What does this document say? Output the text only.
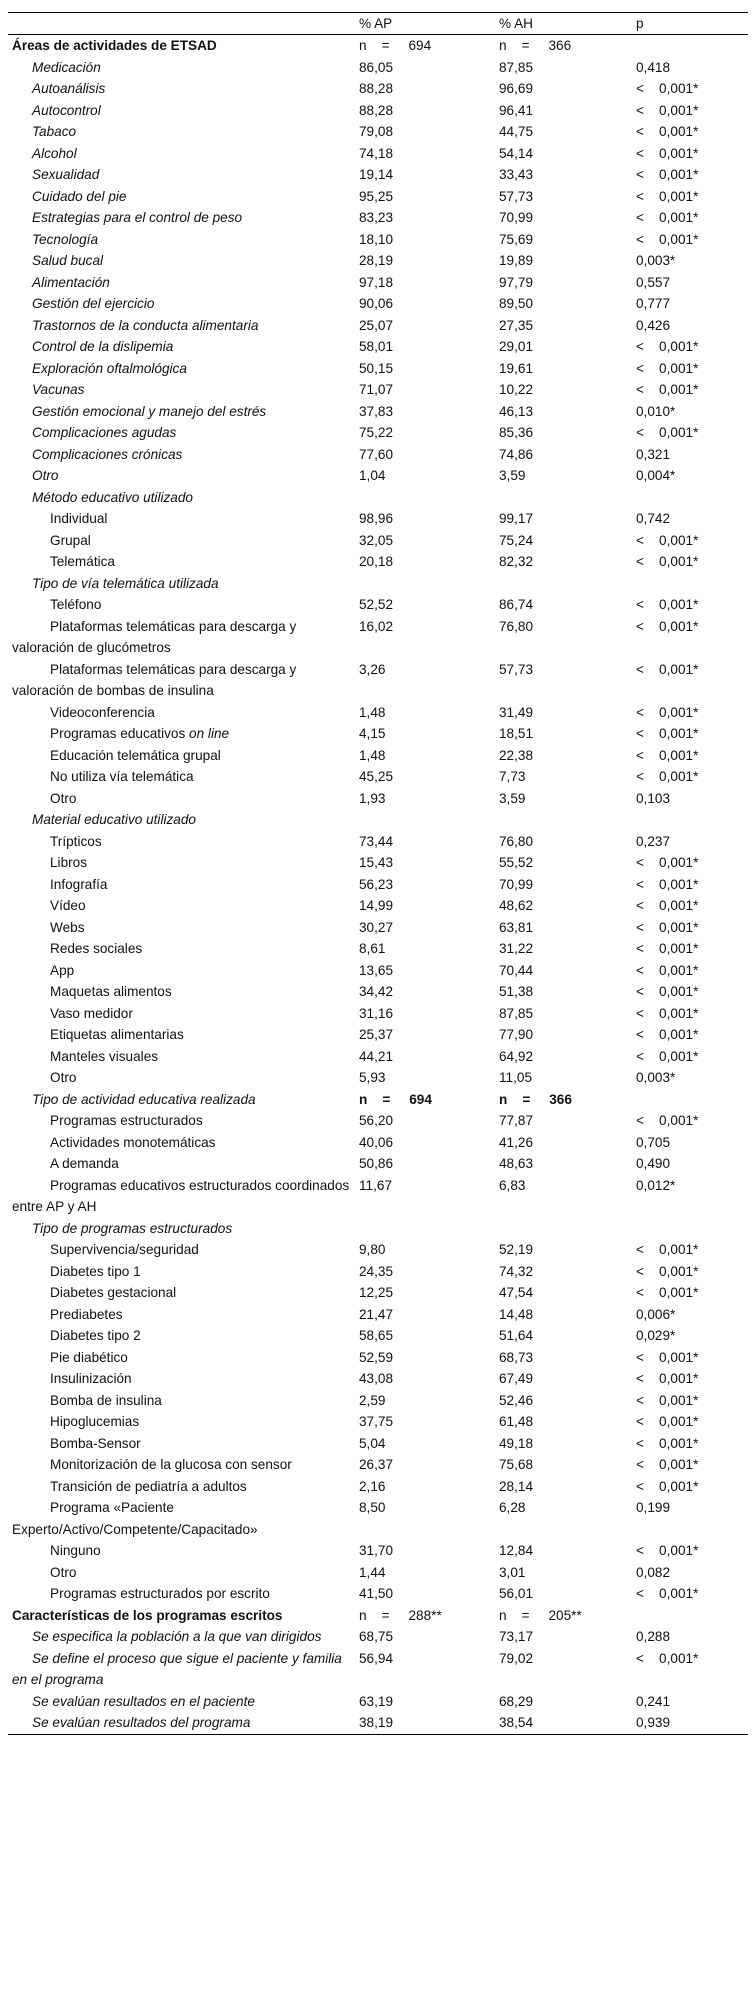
	% AP	% AH	p
Áreas de actividades de ETSAD	n    =     694	n    =     366	
Medicación	86,05	87,85	0,418
Autoanálisis	88,28	96,69	<    0,001*
Autocontrol	88,28	96,41	<    0,001*
Tabaco	79,08	44,75	<    0,001*
Alcohol	74,18	54,14	<    0,001*
Sexualidad	19,14	33,43	<    0,001*
Cuidado del pie	95,25	57,73	<    0,001*
Estrategias para el control de peso	83,23	70,99	<    0,001*
Tecnología	18,10	75,69	<    0,001*
Salud bucal	28,19	19,89	0,003*
Alimentación	97,18	97,79	0,557
Gestión del ejercicio	90,06	89,50	0,777
Trastornos de la conducta alimentaria	25,07	27,35	0,426
Control de la dislipemia	58,01	29,01	<    0,001*
Exploración oftalmológica	50,15	19,61	<    0,001*
Vacunas	71,07	10,22	<    0,001*
Gestión emocional y manejo del estrés	37,83	46,13	0,010*
Complicaciones agudas	75,22	85,36	<    0,001*
Complicaciones crónicas	77,60	74,86	0,321
Otro	1,04	3,59	0,004*
Método educativo utilizado			
Individual	98,96	99,17	0,742
Grupal	32,05	75,24	<    0,001*
Telemática	20,18	82,32	<    0,001*
Tipo de vía telemática utilizada			
Teléfono	52,52	86,74	<    0,001*
Plataformas telemáticas para descarga y valoración de glucómetros	16,02	76,80	<    0,001*
Plataformas telemáticas para descarga y valoración de bombas de insulina	3,26	57,73	<    0,001*
Videoconferencia	1,48	31,49	<    0,001*
Programas educativos on line	4,15	18,51	<    0,001*
Educación telemática grupal	1,48	22,38	<    0,001*
No utiliza vía telemática	45,25	7,73	<    0,001*
Otro	1,93	3,59	0,103
Material educativo utilizado			
Trípticos	73,44	76,80	0,237
Libros	15,43	55,52	<    0,001*
Infografía	56,23	70,99	<    0,001*
Vídeo	14,99	48,62	<    0,001*
Webs	30,27	63,81	<    0,001*
Redes sociales	8,61	31,22	<    0,001*
App	13,65	70,44	<    0,001*
Maquetas alimentos	34,42	51,38	<    0,001*
Vaso medidor	31,16	87,85	<    0,001*
Etiquetas alimentarias	25,37	77,90	<    0,001*
Manteles visuales	44,21	64,92	<    0,001*
Otro	5,93	11,05	0,003*
Tipo de actividad educativa realizada	n    =     694	n    =     366	
Programas estructurados	56,20	77,87	<    0,001*
Actividades monotemáticas	40,06	41,26	0,705
A demanda	50,86	48,63	0,490
Programas educativos estructurados coordinados entre AP y AH	11,67	6,83	0,012*
Tipo de programas estructurados			
Supervivencia/seguridad	9,80	52,19	<    0,001*
Diabetes tipo 1	24,35	74,32	<    0,001*
Diabetes gestacional	12,25	47,54	<    0,001*
Prediabetes	21,47	14,48	0,006*
Diabetes tipo 2	58,65	51,64	0,029*
Pie diabético	52,59	68,73	<    0,001*
Insulinización	43,08	67,49	<    0,001*
Bomba de insulina	2,59	52,46	<    0,001*
Hipoglucemias	37,75	61,48	<    0,001*
Bomba-Sensor	5,04	49,18	<    0,001*
Monitorización de la glucosa con sensor	26,37	75,68	<    0,001*
Transición de pediatría a adultos	2,16	28,14	<    0,001*
Programa «Paciente Experto/Activo/Competente/Capacitado»	8,50	6,28	0,199
Ninguno	31,70	12,84	<    0,001*
Otro	1,44	3,01	0,082
Programas estructurados por escrito	41,50	56,01	<    0,001*
Características de los programas escritos	n    =     288**	n    =     205**	
Se especifica la población a la que van dirigidos	68,75	73,17	0,288
Se define el proceso que sigue el paciente y familia en el programa	56,94	79,02	<    0,001*
Se evalúan resultados en el paciente	63,19	68,29	0,241
Se evalúan resultados del programa	38,19	38,54	0,939
